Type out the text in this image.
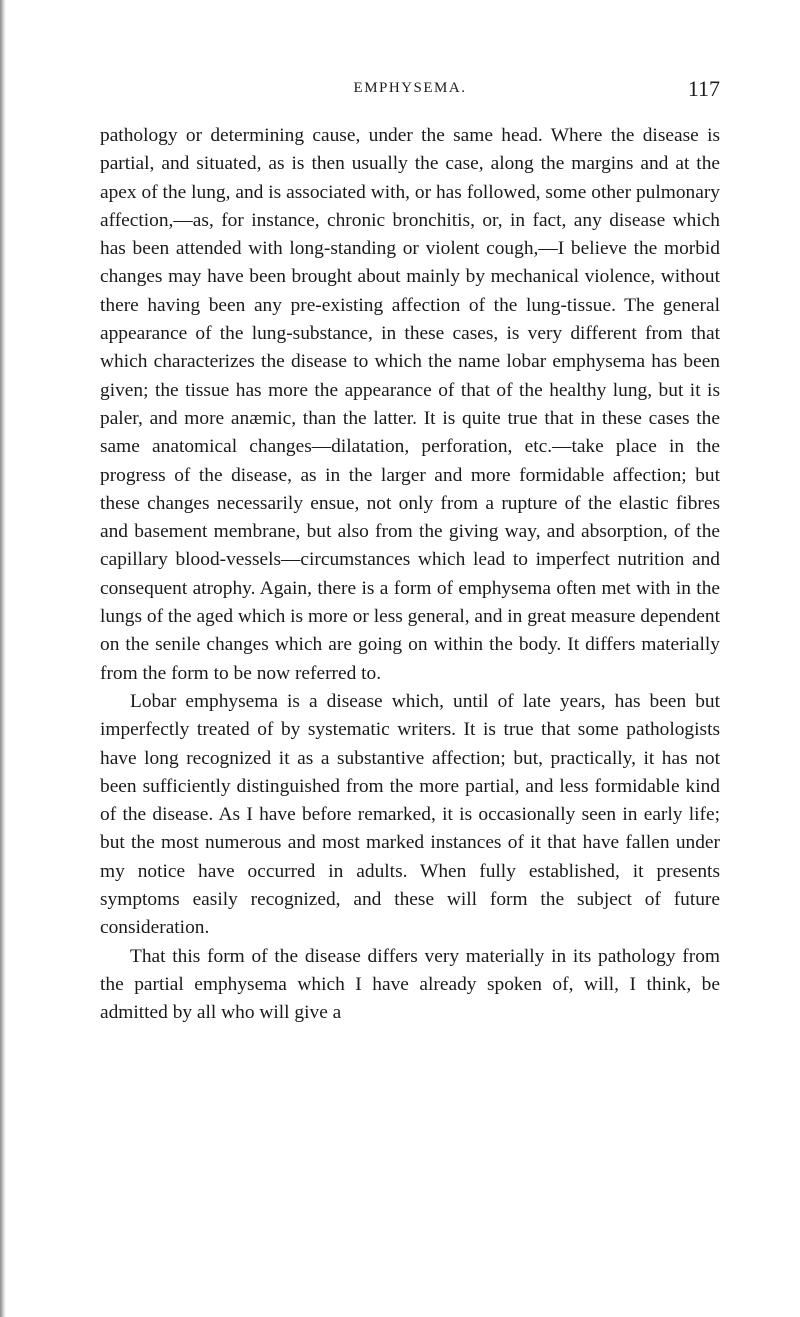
EMPHYSEMA.	117

pathology or determining cause, under the same head. Where the disease is partial, and situated, as is then usually the case, along the margins and at the apex of the lung, and is associated with, or has followed, some other pulmonary affection,—as, for instance, chronic bronchitis, or, in fact, any disease which has been attended with long-standing or violent cough,—I believe the morbid changes may have been brought about mainly by mechanical violence, without there having been any pre-existing affection of the lung-tissue. The general appearance of the lung-substance, in these cases, is very different from that which characterizes the disease to which the name lobar emphysema has been given; the tissue has more the appearance of that of the healthy lung, but it is paler, and more anæmic, than the latter. It is quite true that in these cases the same anatomical changes—dilatation, perforation, etc.—take place in the progress of the disease, as in the larger and more formidable affection; but these changes necessarily ensue, not only from a rupture of the elastic fibres and basement membrane, but also from the giving way, and absorption, of the capillary blood-vessels—circumstances which lead to imperfect nutrition and consequent atrophy. Again, there is a form of emphysema often met with in the lungs of the aged which is more or less general, and in great measure dependent on the senile changes which are going on within the body. It differs materially from the form to be now referred to.

Lobar emphysema is a disease which, until of late years, has been but imperfectly treated of by systematic writers. It is true that some pathologists have long recognized it as a substantive affection; but, practically, it has not been sufficiently distinguished from the more partial, and less formidable kind of the disease. As I have before remarked, it is occasionally seen in early life; but the most numerous and most marked instances of it that have fallen under my notice have occurred in adults. When fully established, it presents symptoms easily recognized, and these will form the subject of future consideration.

That this form of the disease differs very materially in its pathology from the partial emphysema which I have already spoken of, will, I think, be admitted by all who will give a
